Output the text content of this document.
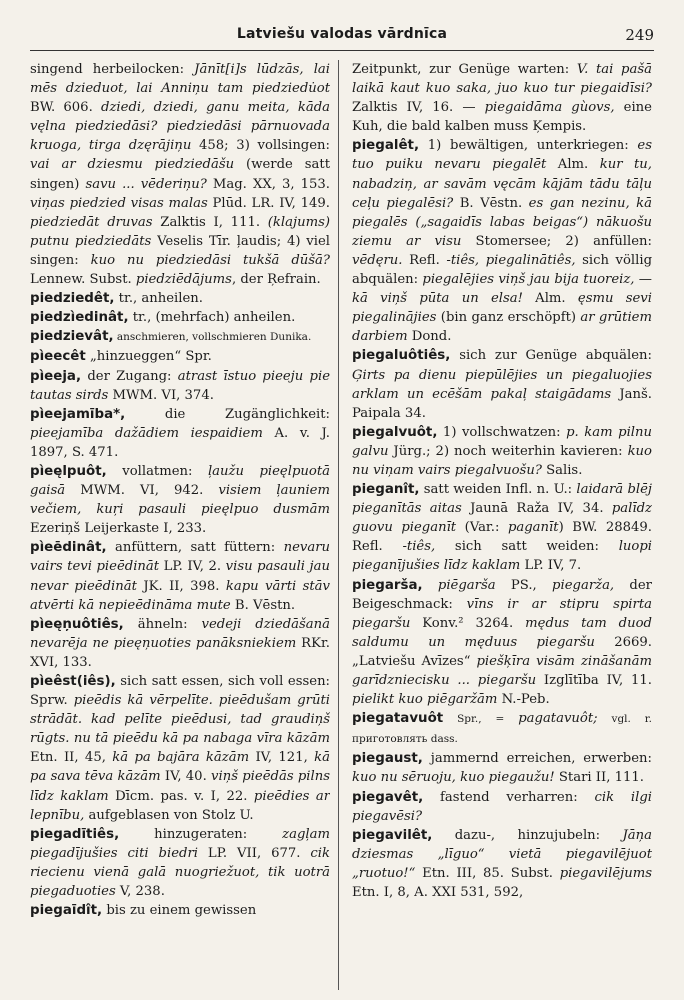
Latviešu valodas vārdnīca	249

singend herbeilocken: Jānīt[i]s lūdzās, lai mēs dzieduot, lai Anniņu tam piedziedu̇ot BW. 606. dziedi, dziedi, ganu meita, kāda vęlna piedziedāsi? piedziedāsi pārnuovada kruoga, tirga dzęrājiņu 458; 3) vollsingen: vai ar dziesmu piedziedāšu (werde satt singen) savu ... vēderiņu? Mag. XX, 3, 153. viņas piedzied visas malas Plūd. LR. IV, 149. piedziedāt druvas Zalktis I, 111. (klajums) putnu piedziedāts Veselis Tīr. ļaudis; 4) viel singen: kuo nu piedziedāsi tukšā dūšā? Lennew. Subst. piedziēdājums, der Ŗefrain.

piedziedêt, tr., anheilen.

piedzìedinât, tr., (mehrfach) anheilen.

piedzievât, anschmieren, vollschmieren Dunika.

pìeecêt „hinzueggen“ Spr.

pìeeja, der Zugang: atrast īstuo pieeju pie tautas sirds MWM. VI, 374.

pìeejamība*, die Zugänglichkeit: pieejamība dažādiem iespaidiem A. v. J. 1897, S. 471.

pìeęlpuôt, vollatmen: ļaužu pieęlpuotā gaisā MWM. VI, 942. visiem ļauniem večiem, kuŗi pasauli pieęlpuo dusmām Ezeriņš Leijerkaste I, 233.

pìeēdinât, anfüttern, satt füttern: nevaru vairs tevi pieēdināt LP. IV, 2. visu pasauli jau nevar pieēdināt JK. II, 398. kapu vārti stāv atvērti kā nepieēdināma mute B. Vēstn.

pìeęņuôtiês, ähneln: vedeji dziedāšanā nevarēja ne pieęņuoties panāksniekiem RKr. XVI, 133.

pìeêst(iês), sich satt essen, sich voll essen: Sprw. pieēdis kā vērpelīte. pieēdušam grūti strādāt. kad pelīte pieēdusi, tad graudiņš rūgts. nu tā pieēdu kā pa nabaga vīra kāzām Etn. II, 45, kā pa bajāra kāzām IV, 121, kā pa sava tēva kāzām IV, 40. viņš pieēdās pilns līdz kaklam Dīcm. pas. v. I, 22. pieēdies ar lepnību, aufgeblasen von Stolz U.

piegadītiês, hinzugeraten: zagļam piegadījušies citi biedri LP. VII, 677. cik riecienu vienā galā nuogriežuot, tik uotrā piegaduoties V, 238.

piegaīdît, bis zu einem gewissen

Zeitpunkt, zur Genüge warten: V. tai pašā laikā kaut kuo saka, juo kuo tur piegaidīsi? Zalktis IV, 16. — piegaidāma gùovs, eine Kuh, die bald kalben muss Ķempis.

piegalêt, 1) bewältigen, unterkriegen: es tuo puiku nevaru piegalēt Alm. kur tu, nabadziņ, ar savām vęcām kājām tādu tāļu ceļu piegalēsi? B. Vēstn. es gan nezinu, kā piegalēs („sagaidīs labas beigas“) nākuošu ziemu ar visu Stomersee; 2) anfüllen: vēdęru. Refl. -tiês, piegalinātiês, sich völlig abquälen: piegalējies viņš jau bija tuoreiz, — kā viņš pūta un elsa! Alm. ęsmu sevi piegalinājies (bin ganz erschöpft) ar grūtiem darbiem Dond.

piegaluôtiês, sich zur Genüge abquälen: Ģirts pa dienu piepūlējies un piegaluojies arklam un ecēšām pakaļ staigādams Janš. Paipala 34.

piegalvuôt, 1) vollschwatzen: p. kam pilnu galvu Jürg.; 2) noch weiterhin kavieren: kuo nu viņam vairs piegalvuošu? Salis.

pieganît, satt weiden Infl. n. U.: laidarā blēj pieganītās aitas Jaunā Raža IV, 34. palīdz guovu pieganīt (Var.: paganīt) BW. 28849. Refl. -tiês, sich satt weiden: luopi pieganījušies līdz kaklam LP. IV, 7.

piegarša, piēgarša PS., piegarža, der Beigeschmack: vīns ir ar stipru spirta piegaršu Konv.² 3264. mędus tam duod saldumu un męduus piegaršu 2669. „Latviešu Avīzes“ piešķīra visām zināšanām garīdzniecisku ... piegaršu Izglītība IV, 11. pielikt kuo piēgaržām N.-Peb.

piegatavuôt Spr., = pagatavuôt; vgl. r. приготовлять dass.

piegaust, jammernd erreichen, erwerben: kuo nu sēruoju, kuo piegaužu! Stari II, 111.

piegavêt, fastend verharren: cik ilgi piegavēsi?

piegavilêt, dazu-, hinzujubeln: Jāņa dziesmas „līguo“ vietā piegavilējuot „ruotuo!“ Etn. III, 85. Subst. piegavilējums Etn. I, 8, A. XXI 531, 592,
